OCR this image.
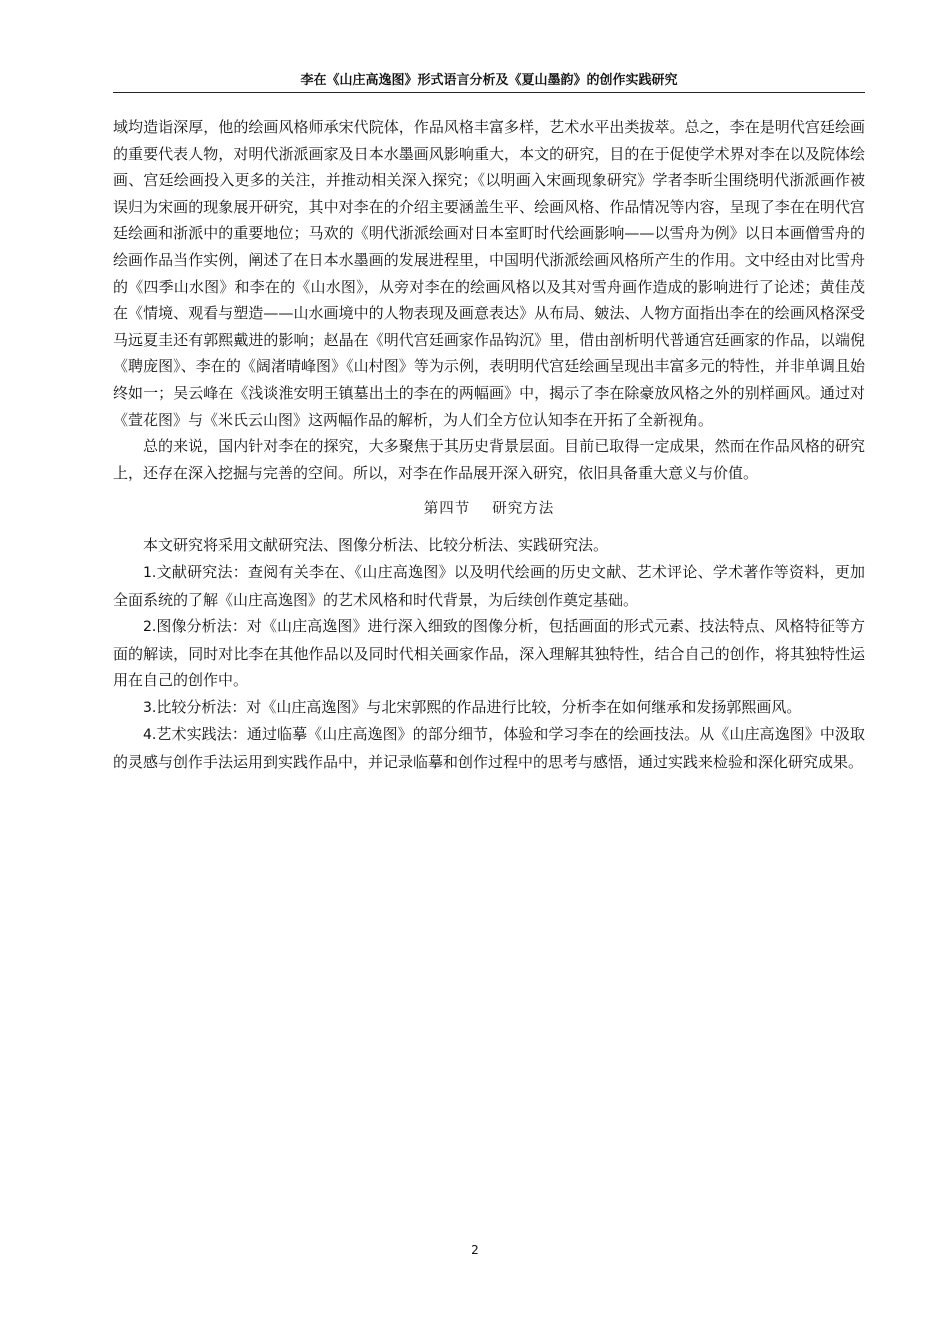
李在《山庄高逸图》形式语言分析及《夏山墨韵》的创作实践研究

域均造诣深厚，他的绘画风格师承宋代院体，作品风格丰富多样，艺术水平出类拔萃。总之，李在是明代宫廷绘画的重要代表人物，对明代浙派画家及日本水墨画风影响重大，本文的研究，目的在于促使学术界对李在以及院体绘画、宫廷绘画投入更多的关注，并推动相关深入探究；《以明画入宋画现象研究》学者李昕尘围绕明代浙派画作被误归为宋画的现象展开研究，其中对李在的介绍主要涵盖生平、绘画风格、作品情况等内容，呈现了李在在明代宫廷绘画和浙派中的重要地位；马欢的《明代浙派绘画对日本室町时代绘画影响——以雪舟为例》以日本画僧雪舟的绘画作品当作实例，阐述了在日本水墨画的发展进程里，中国明代浙派绘画风格所产生的作用。文中经由对比雪舟的《四季山水图》和李在的《山水图》，从旁对李在的绘画风格以及其对雪舟画作造成的影响进行了论述；黄佳茂在《情境、观看与塑造——山水画境中的人物表现及画意表达》从布局、皴法、人物方面指出李在的绘画风格深受马远夏圭还有郭熙戴进的影响；赵晶在《明代宫廷画家作品钩沉》里，借由剖析明代普通宫廷画家的作品，以端倪《聘庞图》、李在的《阔渚晴峰图》《山村图》等为示例，表明明代宫廷绘画呈现出丰富多元的特性，并非单调且始终如一；吴云峰在《浅谈淮安明王镇墓出土的李在的两幅画》中，揭示了李在除豪放风格之外的别样画风。通过对《萱花图》与《米氏云山图》这两幅作品的解析，为人们全方位认知李在开拓了全新视角。

总的来说，国内针对李在的探究，大多聚焦于其历史背景层面。目前已取得一定成果，然而在作品风格的研究上，还存在深入挖掘与完善的空间。所以，对李在作品展开深入研究，依旧具备重大意义与价值。

第四节 研究方法

本文研究将采用文献研究法、图像分析法、比较分析法、实践研究法。

1.文献研究法：查阅有关李在、《山庄高逸图》以及明代绘画的历史文献、艺术评论、学术著作等资料，更加全面系统的了解《山庄高逸图》的艺术风格和时代背景，为后续创作奠定基础。

2.图像分析法：对《山庄高逸图》进行深入细致的图像分析，包括画面的形式元素、技法特点、风格特征等方面的解读，同时对比李在其他作品以及同时代相关画家作品，深入理解其独特性，结合自己的创作，将其独特性运用在自己的创作中。

3.比较分析法：对《山庄高逸图》与北宋郭熙的作品进行比较，分析李在如何继承和发扬郭熙画风。

4.艺术实践法：通过临摹《山庄高逸图》的部分细节，体验和学习李在的绘画技法。从《山庄高逸图》中汲取的灵感与创作手法运用到实践作品中，并记录临摹和创作过程中的思考与感悟，通过实践来检验和深化研究成果。

2
